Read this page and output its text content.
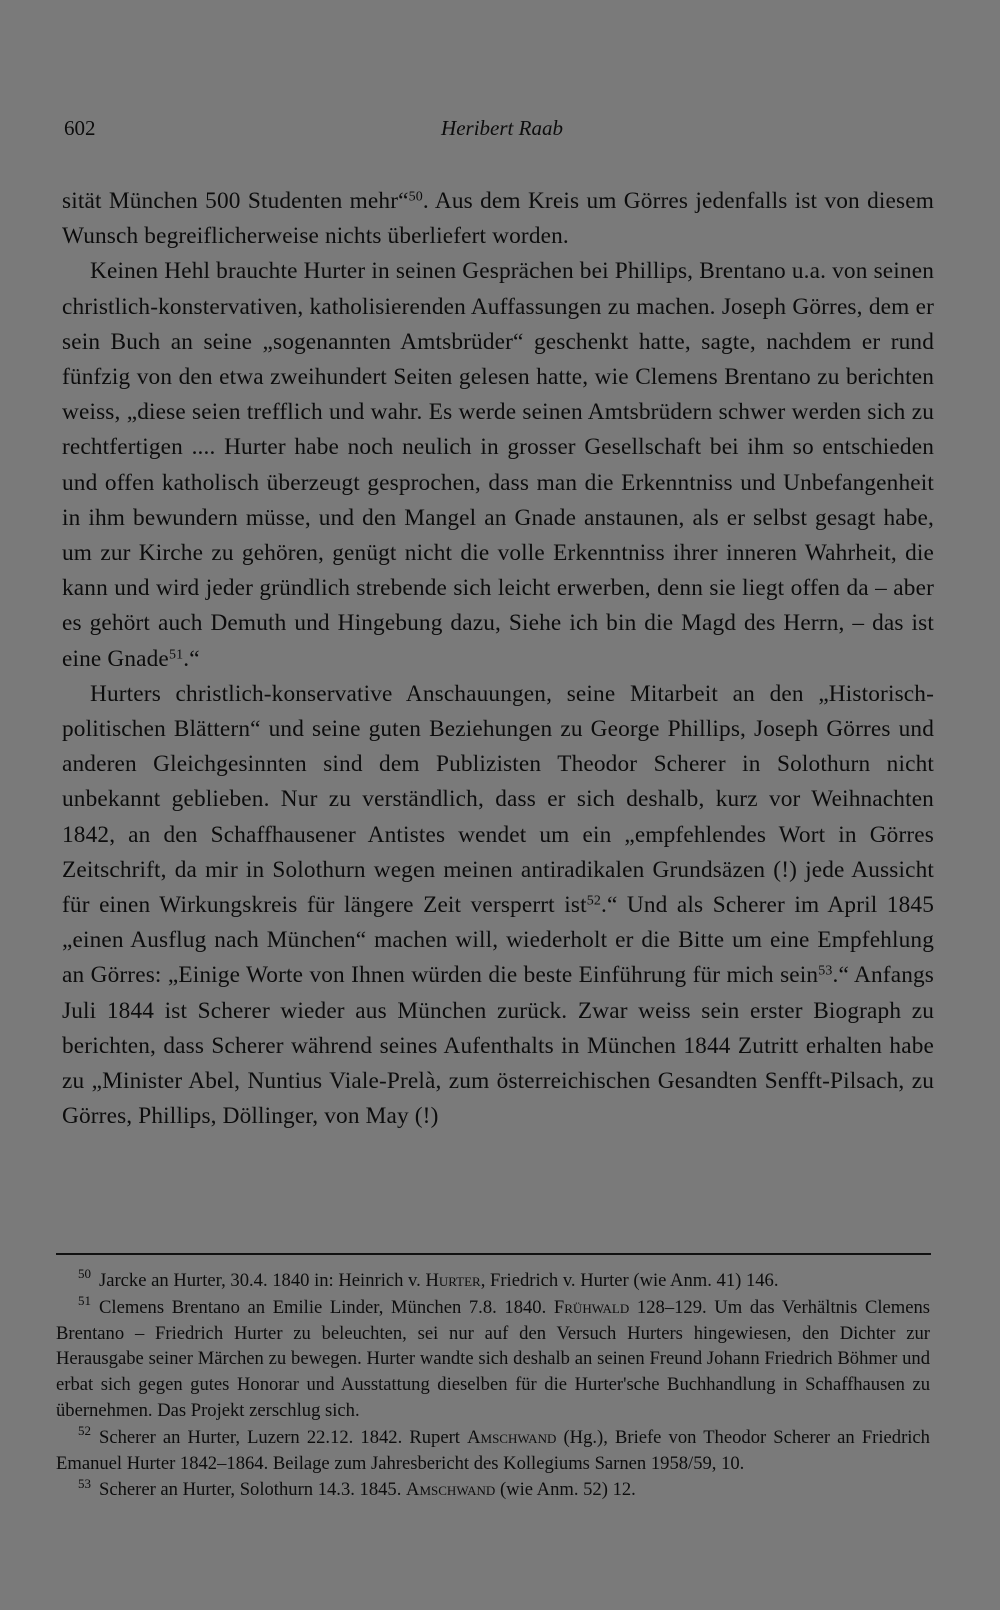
602	Heribert Raab

sität München 500 Studenten mehr“$^{50}$. Aus dem Kreis um Görres jedenfalls ist von diesem Wunsch begreiflicherweise nichts überliefert worden.

Keinen Hehl brauchte Hurter in seinen Gesprächen bei Phillips, Brentano u.a. von seinen christlich-konstervativen, katholisierenden Auffassungen zu machen. Joseph Görres, dem er sein Buch an seine „sogenannten Amtsbrüder“ geschenkt hatte, sagte, nachdem er rund fünfzig von den etwa zweihundert Seiten gelesen hatte, wie Clemens Brentano zu berichten weiss, „diese seien trefflich und wahr. Es werde seinen Amtsbrüdern schwer werden sich zu rechtfertigen .... Hurter habe noch neulich in grosser Gesellschaft bei ihm so entschieden und offen katholisch überzeugt gesprochen, dass man die Erkenntniss und Unbefangenheit in ihm bewundern müsse, und den Mangel an Gnade anstaunen, als er selbst gesagt habe, um zur Kirche zu gehören, genügt nicht die volle Erkenntniss ihrer inneren Wahrheit, die kann und wird jeder gründlich strebende sich leicht erwerben, denn sie liegt offen da – aber es gehört auch Demuth und Hingebung dazu, Siehe ich bin die Magd des Herrn, – das ist eine Gnade$^{51}$.“

Hurters christlich-konservative Anschauungen, seine Mitarbeit an den „Historisch-politischen Blättern“ und seine guten Beziehungen zu George Phillips, Joseph Görres und anderen Gleichgesinnten sind dem Publizisten Theodor Scherer in Solothurn nicht unbekannt geblieben. Nur zu verständlich, dass er sich deshalb, kurz vor Weihnachten 1842, an den Schaffhausener Antistes wendet um ein „empfehlendes Wort in Görres Zeitschrift, da mir in Solothurn wegen meinen antiradikalen Grundsäzen (!) jede Aussicht für einen Wirkungskreis für längere Zeit versperrt ist$^{52}$.“ Und als Scherer im April 1845 „einen Ausflug nach München“ machen will, wiederholt er die Bitte um eine Empfehlung an Görres: „Einige Worte von Ihnen würden die beste Einführung für mich sein$^{53}$.“ Anfangs Juli 1844 ist Scherer wieder aus München zurück. Zwar weiss sein erster Biograph zu berichten, dass Scherer während seines Aufenthalts in München 1844 Zutritt erhalten habe zu „Minister Abel, Nuntius Viale-Prelà, zum österreichischen Gesandten Senfft-Pilsach, zu Görres, Phillips, Döllinger, von May (!)

50 Jarcke an Hurter, 30.4. 1840 in: Heinrich v. Hurter, Friedrich v. Hurter (wie Anm. 41) 146.

51 Clemens Brentano an Emilie Linder, München 7.8. 1840. Frühwald 128–129. Um das Verhältnis Clemens Brentano – Friedrich Hurter zu beleuchten, sei nur auf den Versuch Hurters hingewiesen, den Dichter zur Herausgabe seiner Märchen zu bewegen. Hurter wandte sich deshalb an seinen Freund Johann Friedrich Böhmer und erbat sich gegen gutes Honorar und Ausstattung dieselben für die Hurter'sche Buchhandlung in Schaffhausen zu übernehmen. Das Projekt zerschlug sich.

52 Scherer an Hurter, Luzern 22.12. 1842. Rupert Amschwand (Hg.), Briefe von Theodor Scherer an Friedrich Emanuel Hurter 1842–1864. Beilage zum Jahresbericht des Kollegiums Sarnen 1958/59, 10.

53 Scherer an Hurter, Solothurn 14.3. 1845. Amschwand (wie Anm. 52) 12.
